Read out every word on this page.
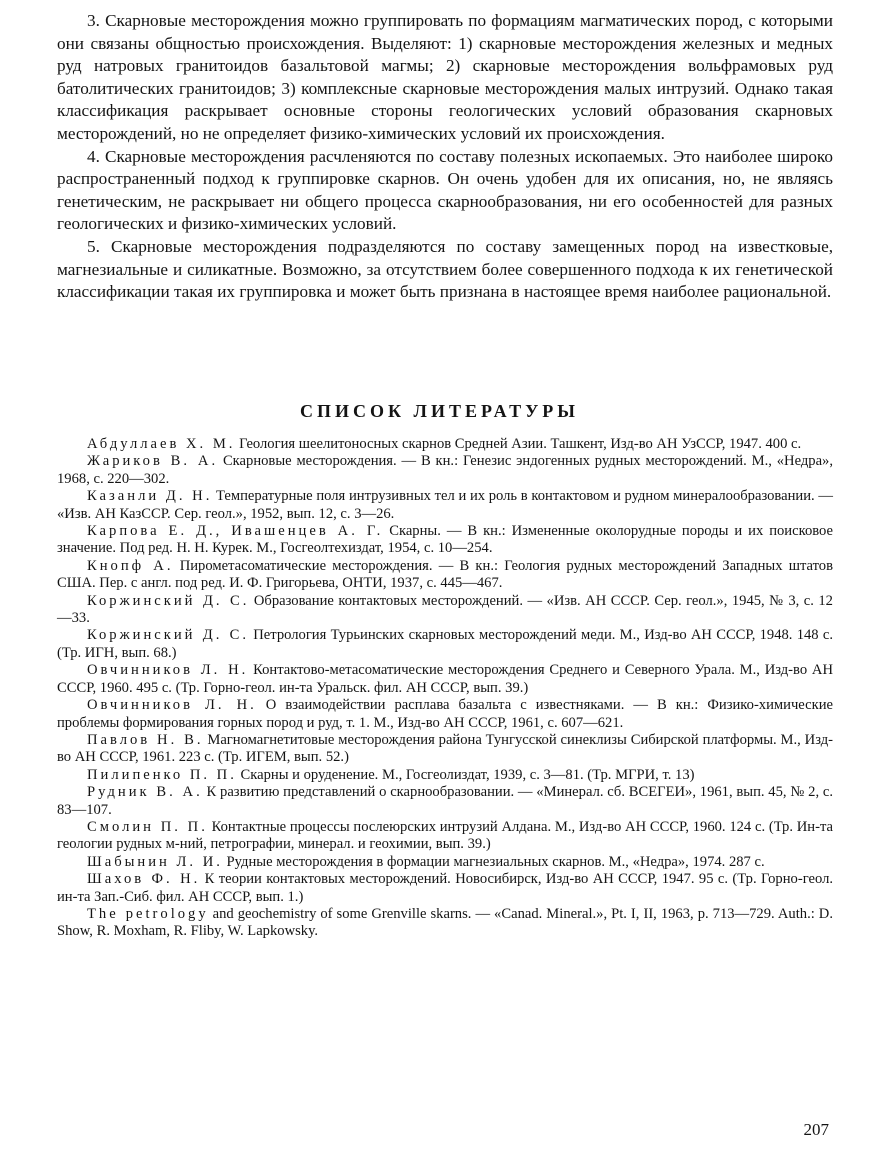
3. Скарновые месторождения можно группировать по формациям магматических пород, с которыми они связаны общностью происхождения. Выделяют: 1) скарновые месторождения железных и медных руд натровых гранитоидов базальтовой магмы; 2) скарновые месторождения вольфрамовых руд батолитических гранитоидов; 3) комплексные скарновые месторождения малых интрузий. Однако такая классификация раскрывает основные стороны геологических условий образования скарновых месторождений, но не определяет физико-химических условий их происхождения.

4. Скарновые месторождения расчленяются по составу полезных ископаемых. Это наиболее широко распространенный подход к группировке скарнов. Он очень удобен для их описания, но, не являясь генетическим, не раскрывает ни общего процесса скарнообразования, ни его особенностей для разных геологических и физико-химических условий.

5. Скарновые месторождения подразделяются по составу замещенных пород на известковые, магнезиальные и силикатные. Возможно, за отсутствием более совершенного подхода к их генетической классификации такая их группировка и может быть признана в настоящее время наиболее рациональной.

СПИСОК ЛИТЕРАТУРЫ

Абдуллаев Х. М. Геология шеелитоносных скарнов Средней Азии. Ташкент, Изд-во АН УзССР, 1947. 400 с.

Жариков В. А. Скарновые месторождения. — В кн.: Генезис эндогенных рудных месторождений. М., «Недра», 1968, с. 220—302.

Казанли Д. Н. Температурные поля интрузивных тел и их роль в контактовом и рудном минералообразовании. — «Изв. АН КазССР. Сер. геол.», 1952, вып. 12, с. 3—26.

Карпова Е. Д., Ивашенцев А. Г. Скарны. — В кн.: Измененные околорудные породы и их поисковое значение. Под ред. Н. Н. Курек. М., Госгеолтехиздат, 1954, с. 10—254.

Кнопф А. Пирометасоматические месторождения. — В кн.: Геология рудных месторождений Западных штатов США. Пер. с англ. под ред. И. Ф. Григорьева, ОНТИ, 1937, с. 445—467.

Коржинский Д. С. Образование контактовых месторождений. — «Изв. АН СССР. Сер. геол.», 1945, № 3, с. 12—33.

Коржинский Д. С. Петрология Турьинских скарновых месторождений меди. М., Изд-во АН СССР, 1948. 148 с. (Тр. ИГН, вып. 68.)

Овчинников Л. Н. Контактово-метасоматические месторождения Среднего и Северного Урала. М., Изд-во АН СССР, 1960. 495 с. (Тр. Горно-геол. ин-та Уральск. фил. АН СССР, вып. 39.)

Овчинников Л. Н. О взаимодействии расплава базальта с известняками. — В кн.: Физико-химические проблемы формирования горных пород и руд, т. 1. М., Изд-во АН СССР, 1961, с. 607—621.

Павлов Н. В. Магномагнетитовые месторождения района Тунгусской синеклизы Сибирской платформы. М., Изд-во АН СССР, 1961. 223 с. (Тр. ИГЕМ, вып. 52.)

Пилипенко П. П. Скарны и оруденение. М., Госгеолиздат, 1939, с. 3—81. (Тр. МГРИ, т. 13)

Рудник В. А. К развитию представлений о скарнообразовании. — «Минерал. сб. ВСЕГЕИ», 1961, вып. 45, № 2, с. 83—107.

Смолин П. П. Контактные процессы послеюрских интрузий Алдана. М., Изд-во АН СССР, 1960. 124 с. (Тр. Ин-та геологии рудных м-ний, петрографии, минерал. и геохимии, вып. 39.)

Шабынин Л. И. Рудные месторождения в формации магнезиальных скарнов. М., «Недра», 1974. 287 с.

Шахов Ф. Н. К теории контактовых месторождений. Новосибирск, Изд-во АН СССР, 1947. 95 с. (Тр. Горно-геол. ин-та Зап.-Сиб. фил. АН СССР, вып. 1.)

The petrology and geochemistry of some Grenville skarns. — «Canad. Mineral.», Pt. I, II, 1963, p. 713—729. Auth.: D. Show, R. Moxham, R. Fliby, W. Lapkowsky.

207
